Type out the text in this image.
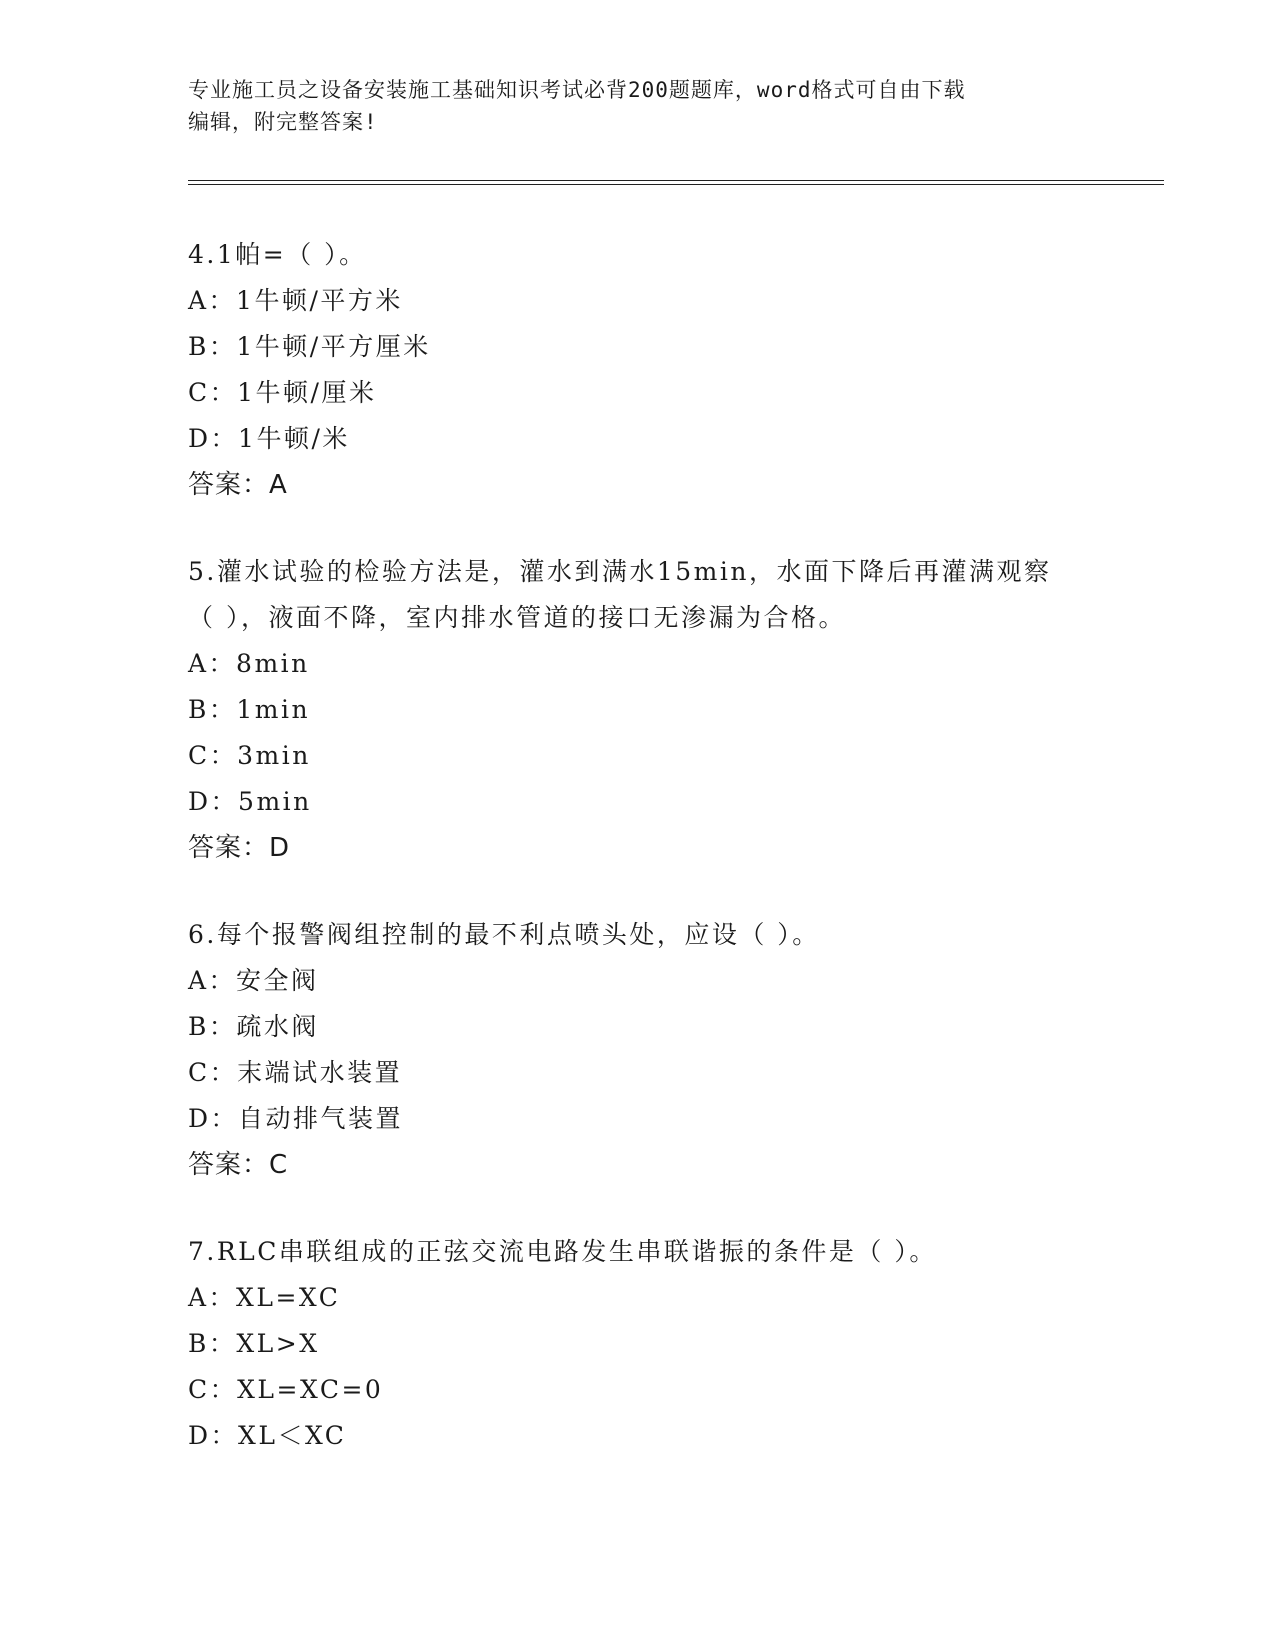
专业施工员之设备安装施工基础知识考试必背200题题库，word格式可自由下载
编辑，附完整答案!
4.1帕=（ ）。
A：1牛顿/平方米
B：1牛顿/平方厘米
C：1牛顿/厘米
D：1牛顿/米
答案：A
5.灌水试验的检验方法是，灌水到满水15min，水面下降后再灌满观察
（ ），液面不降，室内排水管道的接口无渗漏为合格。
A：8min
B：1min
C：3min
D：5min
答案：D
6.每个报警阀组控制的最不利点喷头处，应设（ ）。
A：安全阀
B：疏水阀
C：末端试水装置
D：自动排气装置
答案：C
7.RLC串联组成的正弦交流电路发生串联谐振的条件是（ ）。
A：XL=XC
B：XL>X
C：XL=XC=0
D：XL＜XC
